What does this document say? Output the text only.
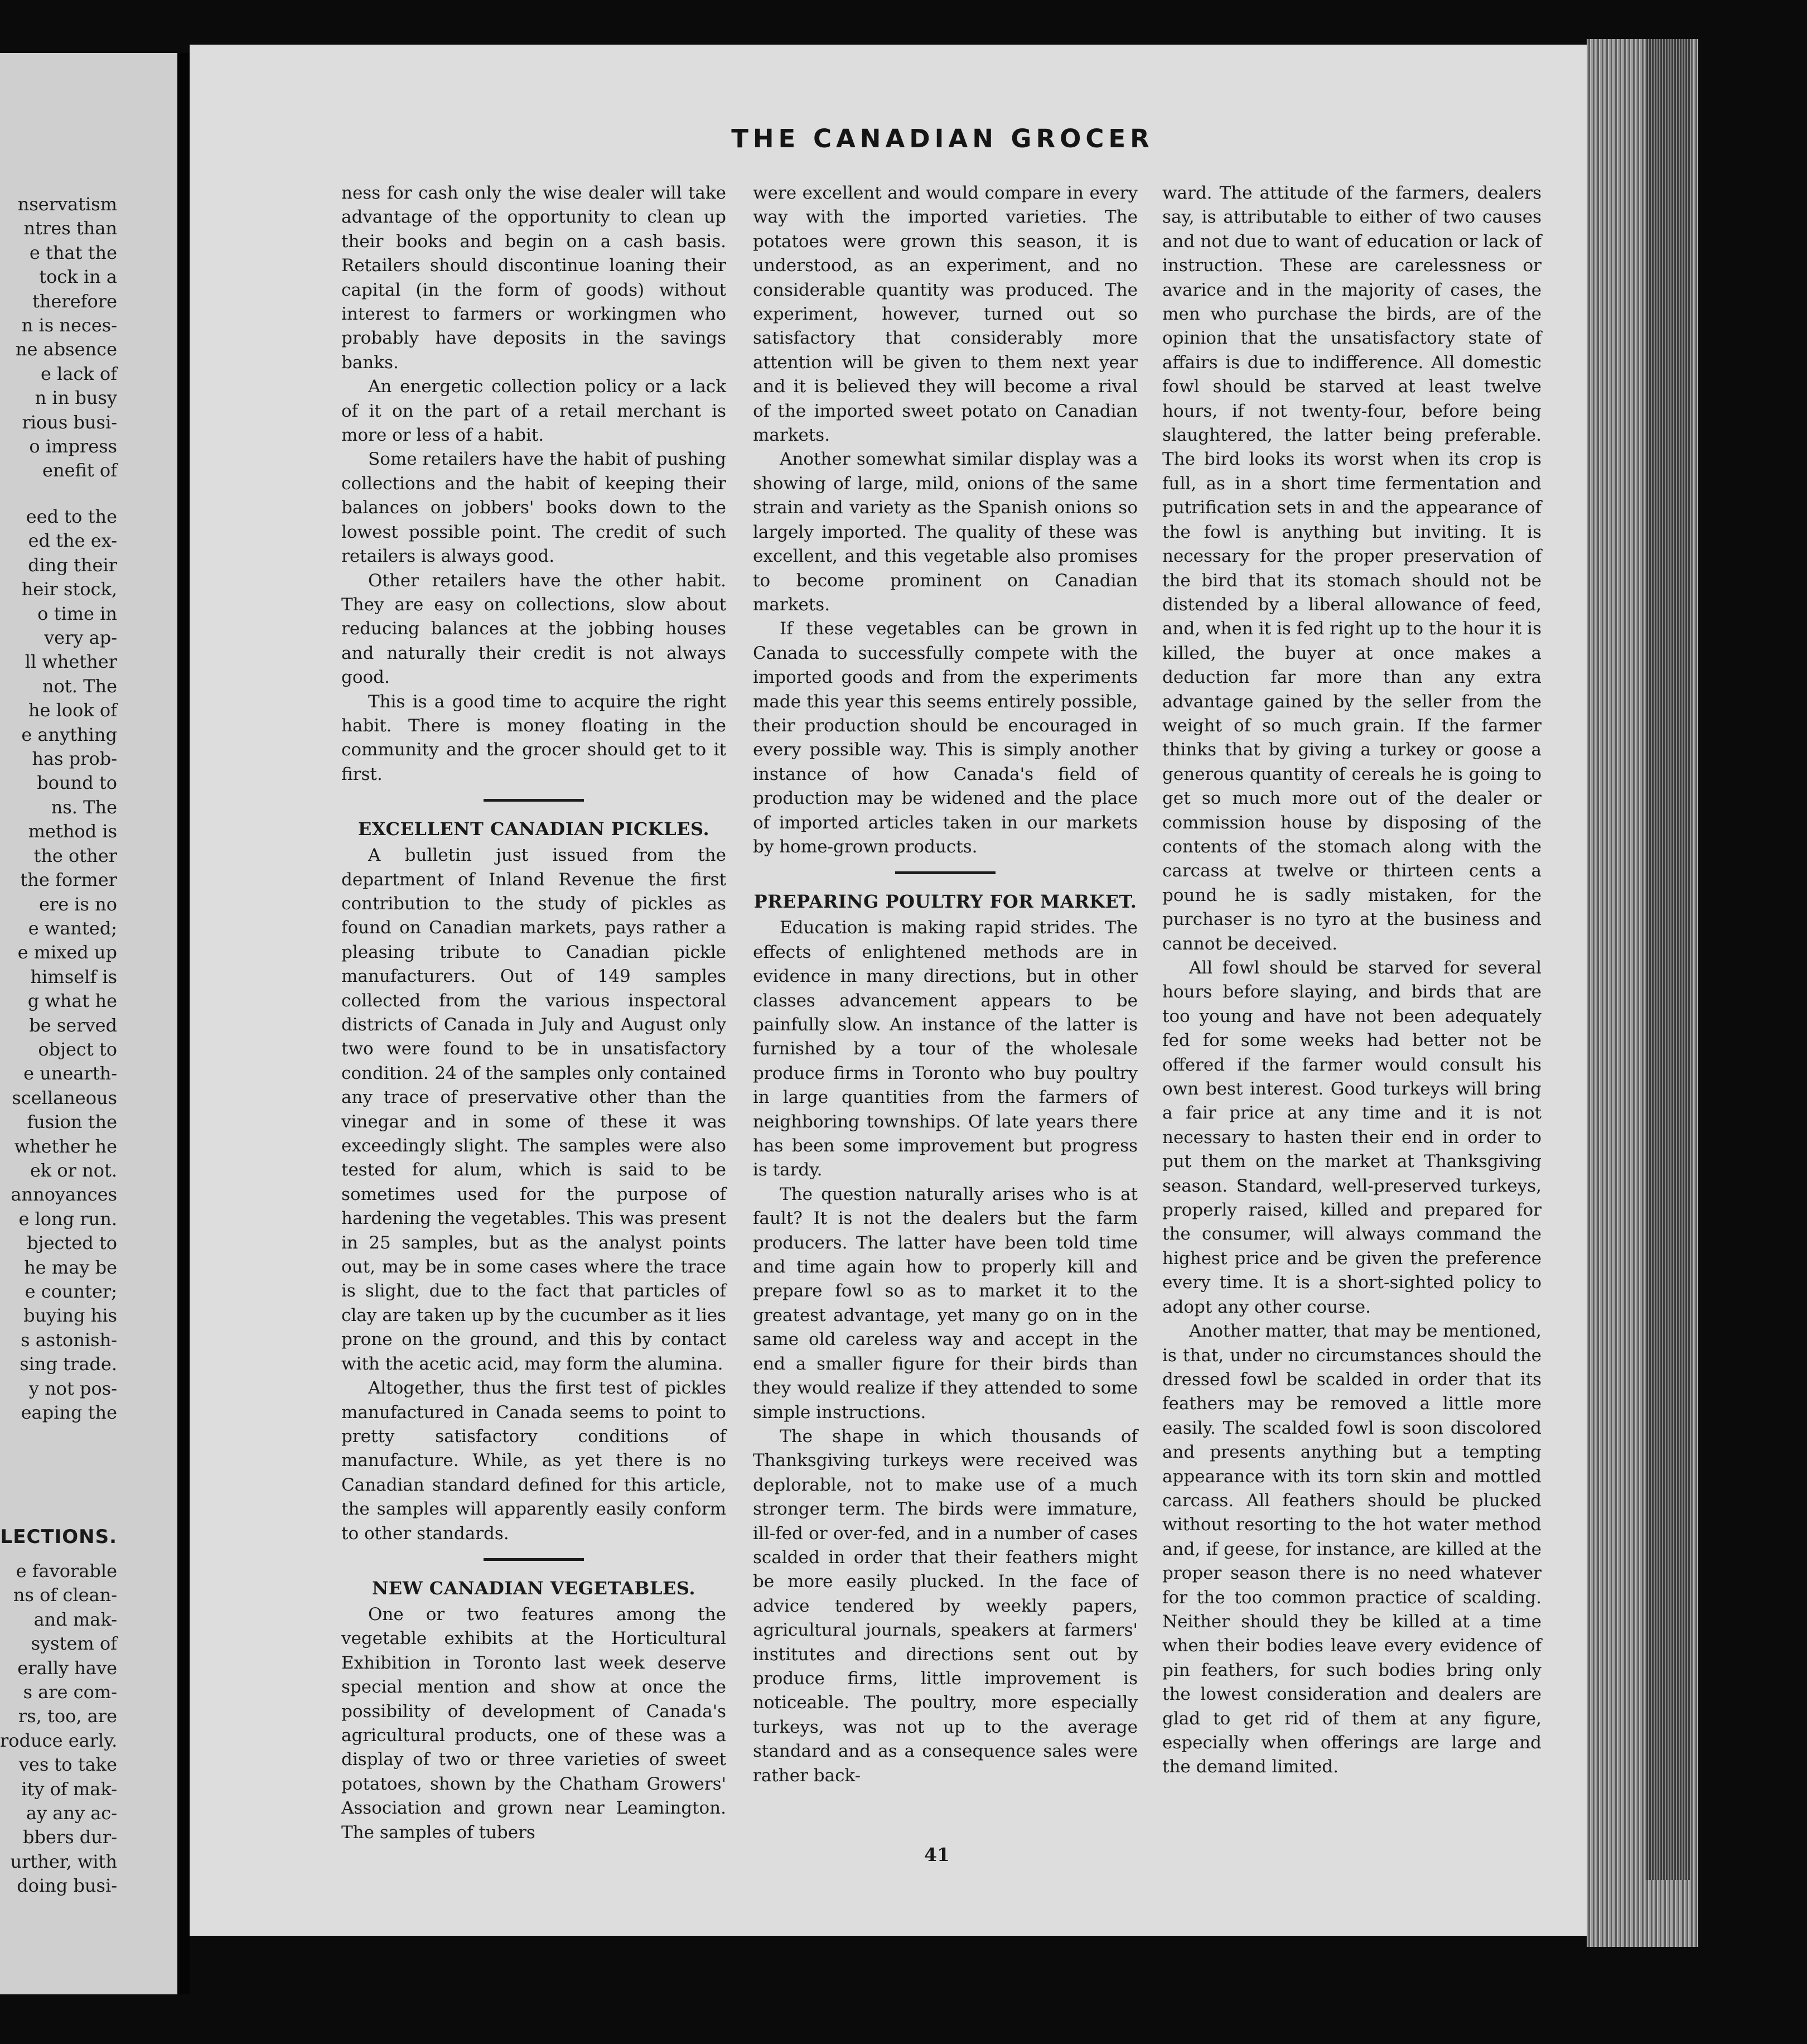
nservatism
ntres than
e that the
tock in a
therefore
n is neces-
ne absence
e lack of
n in busy
rious busi-
o impress
enefit of
eed to the
ed the ex-
ding their
heir stock,
o time in
very ap-
ll whether
not. The
he look of
e anything
has prob-
bound to
ns. The
method is
the other
the former
ere is no
e wanted;
e mixed up
himself is
g what he
be served
object to
e unearth-
scellaneous
fusion the
whether he
ek or not.
annoyances
e long run.
bjected to
he may be
e counter;
buying his
s astonish-
sing trade.
y not pos-
eaping the
LECTIONS.
e favorable
ns of clean-
and mak-
system of
erally have
s are com-
rs, too, are
roduce early.
ves to take
ity of mak-
ay any ac-
bbers dur-
urther, with
doing busi-
THE CANADIAN GROCER

ness for cash only the wise dealer will take advantage of the opportunity to clean up their books and begin on a cash basis. Retailers should discontinue loaning their capital (in the form of goods) without interest to farmers or workingmen who probably have deposits in the savings banks.

An energetic collection policy or a lack of it on the part of a retail merchant is more or less of a habit.

Some retailers have the habit of pushing collections and the habit of keeping their balances on jobbers' books down to the lowest possible point. The credit of such retailers is always good.

Other retailers have the other habit. They are easy on collections, slow about reducing balances at the jobbing houses and naturally their credit is not always good.

This is a good time to acquire the right habit. There is money floating in the community and the grocer should get to it first.

EXCELLENT CANADIAN PICKLES.

A bulletin just issued from the department of Inland Revenue the first contribution to the study of pickles as found on Canadian markets, pays rather a pleasing tribute to Canadian pickle manufacturers. Out of 149 samples collected from the various inspectoral districts of Canada in July and August only two were found to be in unsatisfactory condition. 24 of the samples only contained any trace of preservative other than the vinegar and in some of these it was exceedingly slight. The samples were also tested for alum, which is said to be sometimes used for the purpose of hardening the vegetables. This was present in 25 samples, but as the analyst points out, may be in some cases where the trace is slight, due to the fact that particles of clay are taken up by the cucumber as it lies prone on the ground, and this by contact with the acetic acid, may form the alumina.

Altogether, thus the first test of pickles manufactured in Canada seems to point to pretty satisfactory conditions of manufacture. While, as yet there is no Canadian standard defined for this article, the samples will apparently easily conform to other standards.

NEW CANADIAN VEGETABLES.

One or two features among the vegetable exhibits at the Horticultural Exhibition in Toronto last week deserve special mention and show at once the possibility of development of Canada's agricultural products, one of these was a display of two or three varieties of sweet potatoes, shown by the Chatham Growers' Association and grown near Leamington. The samples of tubers

were excellent and would compare in every way with the imported varieties. The potatoes were grown this season, it is understood, as an experiment, and no considerable quantity was produced. The experiment, however, turned out so satisfactory that considerably more attention will be given to them next year and it is believed they will become a rival of the imported sweet potato on Canadian markets.

Another somewhat similar display was a showing of large, mild, onions of the same strain and variety as the Spanish onions so largely imported. The quality of these was excellent, and this vegetable also promises to become prominent on Canadian markets.

If these vegetables can be grown in Canada to successfully compete with the imported goods and from the experiments made this year this seems entirely possible, their production should be encouraged in every possible way. This is simply another instance of how Canada's field of production may be widened and the place of imported articles taken in our markets by home-grown products.

PREPARING POULTRY FOR MARKET.

Education is making rapid strides. The effects of enlightened methods are in evidence in many directions, but in other classes advancement appears to be painfully slow. An instance of the latter is furnished by a tour of the wholesale produce firms in Toronto who buy poultry in large quantities from the farmers of neighboring townships. Of late years there has been some improvement but progress is tardy.

The question naturally arises who is at fault? It is not the dealers but the farm producers. The latter have been told time and time again how to properly kill and prepare fowl so as to market it to the greatest advantage, yet many go on in the same old careless way and accept in the end a smaller figure for their birds than they would realize if they attended to some simple instructions.

The shape in which thousands of Thanksgiving turkeys were received was deplorable, not to make use of a much stronger term. The birds were immature, ill-fed or over-fed, and in a number of cases scalded in order that their feathers might be more easily plucked. In the face of advice tendered by weekly papers, agricultural journals, speakers at farmers' institutes and directions sent out by produce firms, little improvement is noticeable. The poultry, more especially turkeys, was not up to the average standard and as a consequence sales were rather back-

ward. The attitude of the farmers, dealers say, is attributable to either of two causes and not due to want of education or lack of instruction. These are carelessness or avarice and in the majority of cases, the men who purchase the birds, are of the opinion that the unsatisfactory state of affairs is due to indifference. All domestic fowl should be starved at least twelve hours, if not twenty-four, before being slaughtered, the latter being preferable. The bird looks its worst when its crop is full, as in a short time fermentation and putrification sets in and the appearance of the fowl is anything but inviting. It is necessary for the proper preservation of the bird that its stomach should not be distended by a liberal allowance of feed, and, when it is fed right up to the hour it is killed, the buyer at once makes a deduction far more than any extra advantage gained by the seller from the weight of so much grain. If the farmer thinks that by giving a turkey or goose a generous quantity of cereals he is going to get so much more out of the dealer or commission house by disposing of the contents of the stomach along with the carcass at twelve or thirteen cents a pound he is sadly mistaken, for the purchaser is no tyro at the business and cannot be deceived.

All fowl should be starved for several hours before slaying, and birds that are too young and have not been adequately fed for some weeks had better not be offered if the farmer would consult his own best interest. Good turkeys will bring a fair price at any time and it is not necessary to hasten their end in order to put them on the market at Thanksgiving season. Standard, well-preserved turkeys, properly raised, killed and prepared for the consumer, will always command the highest price and be given the preference every time. It is a short-sighted policy to adopt any other course.

Another matter, that may be mentioned, is that, under no circumstances should the dressed fowl be scalded in order that its feathers may be removed a little more easily. The scalded fowl is soon discolored and presents anything but a tempting appearance with its torn skin and mottled carcass. All feathers should be plucked without resorting to the hot water method and, if geese, for instance, are killed at the proper season there is no need whatever for the too common practice of scalding. Neither should they be killed at a time when their bodies leave every evidence of pin feathers, for such bodies bring only the lowest consideration and dealers are glad to get rid of them at any figure, especially when offerings are large and the demand limited.

41
